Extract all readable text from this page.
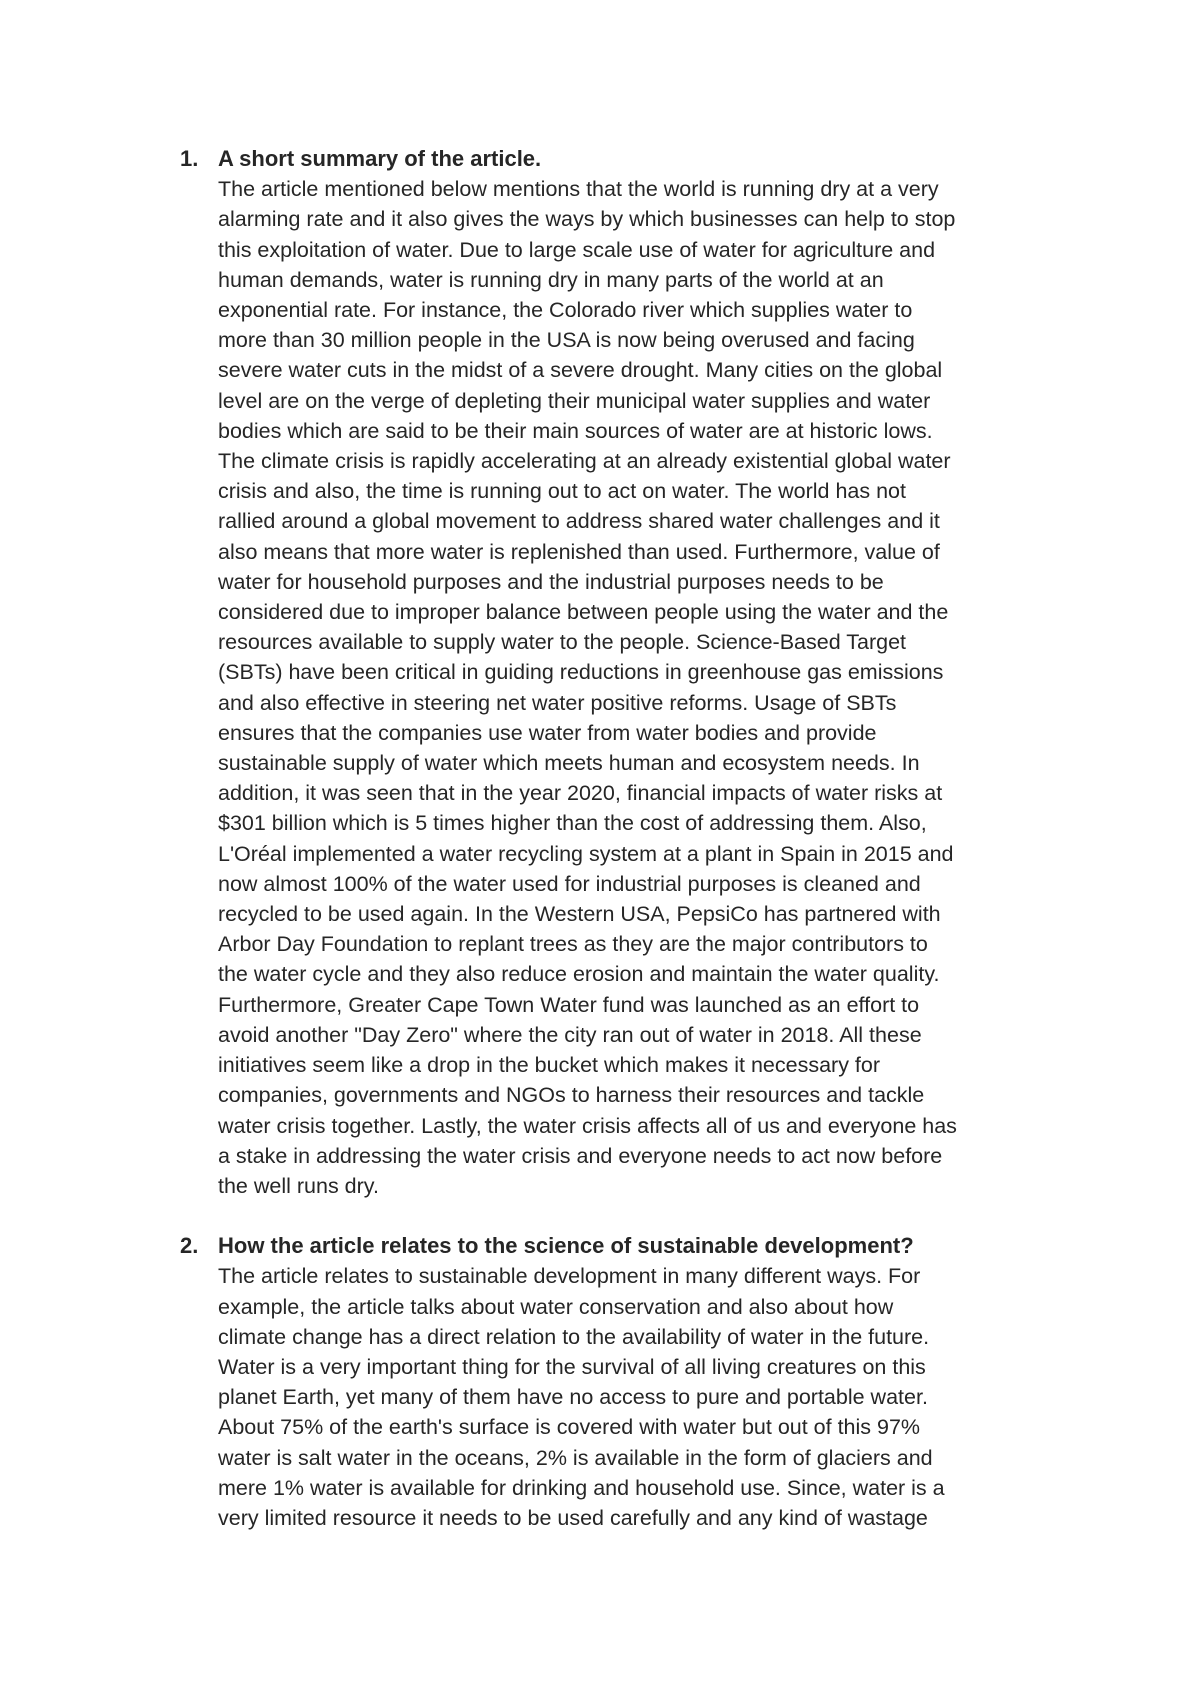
1. A short summary of the article.

The article mentioned below mentions that the world is running dry at a very
alarming rate and it also gives the ways by which businesses can help to stop
this exploitation of water. Due to large scale use of water for agriculture and
human demands, water is running dry in many parts of the world at an
exponential rate. For instance, the Colorado river which supplies water to
more than 30 million people in the USA is now being overused and facing
severe water cuts in the midst of a severe drought. Many cities on the global
level are on the verge of depleting their municipal water supplies and water
bodies which are said to be their main sources of water are at historic lows.
The climate crisis is rapidly accelerating at an already existential global water
crisis and also, the time is running out to act on water. The world has not
rallied around a global movement to address shared water challenges and it
also means that more water is replenished than used. Furthermore, value of
water for household purposes and the industrial purposes needs to be
considered due to improper balance between people using the water and the
resources available to supply water to the people. Science-Based Target
(SBTs) have been critical in guiding reductions in greenhouse gas emissions
and also effective in steering net water positive reforms. Usage of SBTs
ensures that the companies use water from water bodies and provide
sustainable supply of water which meets human and ecosystem needs. In
addition, it was seen that in the year 2020, financial impacts of water risks at
$301 billion which is 5 times higher than the cost of addressing them. Also,
L'Oréal implemented a water recycling system at a plant in Spain in 2015 and
now almost 100% of the water used for industrial purposes is cleaned and
recycled to be used again. In the Western USA, PepsiCo has partnered with
Arbor Day Foundation to replant trees as they are the major contributors to
the water cycle and they also reduce erosion and maintain the water quality.
Furthermore, Greater Cape Town Water fund was launched as an effort to
avoid another "Day Zero" where the city ran out of water in 2018. All these
initiatives seem like a drop in the bucket which makes it necessary for
companies, governments and NGOs to harness their resources and tackle
water crisis together. Lastly, the water crisis affects all of us and everyone has
a stake in addressing the water crisis and everyone needs to act now before
the well runs dry.

2. How the article relates to the science of sustainable development?

The article relates to sustainable development in many different ways. For
example, the article talks about water conservation and also about how
climate change has a direct relation to the availability of water in the future.
Water is a very important thing for the survival of all living creatures on this
planet Earth, yet many of them have no access to pure and portable water.
About 75% of the earth's surface is covered with water but out of this 97%
water is salt water in the oceans, 2% is available in the form of glaciers and
mere 1% water is available for drinking and household use. Since, water is a
very limited resource it needs to be used carefully and any kind of wastage
